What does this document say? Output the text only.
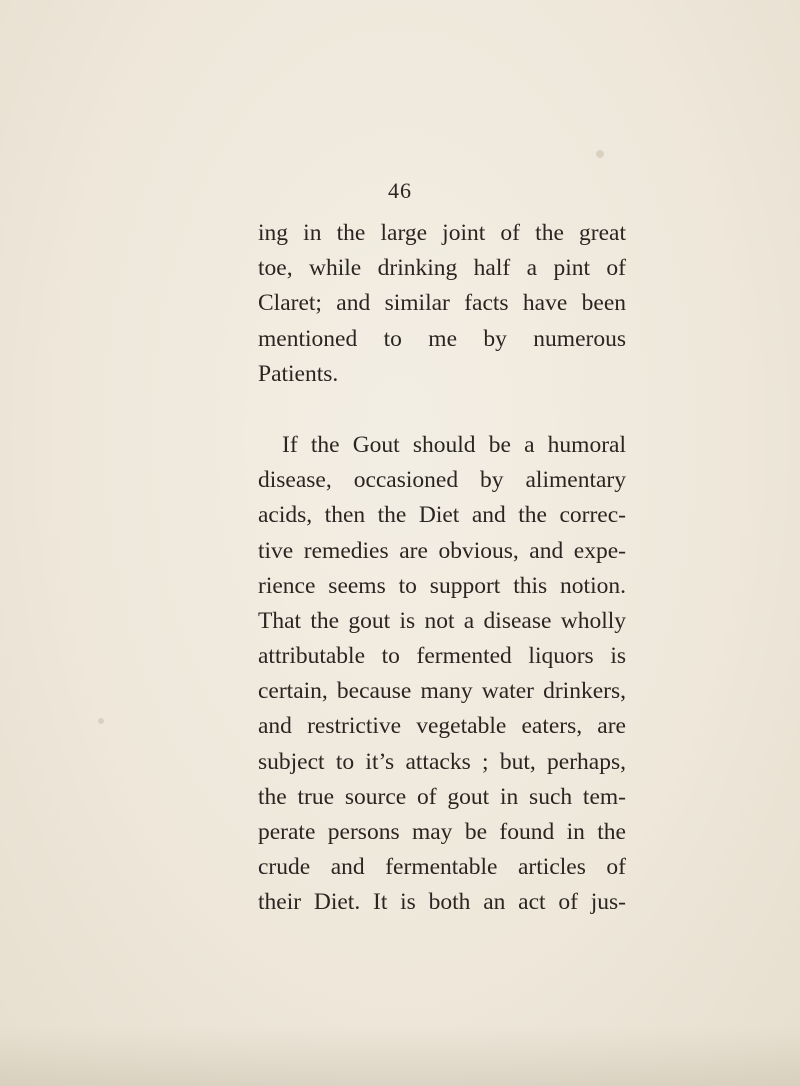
46
ing in the large joint of the great
toe, while drinking half a pint of
Claret; and similar facts have been
mentioned to me by numerous
Patients.
If the Gout should be a humoral
disease, occasioned by alimentary
acids, then the Diet and the correc-
tive remedies are obvious, and expe-
rience seems to support this notion.
That the gout is not a disease wholly
attributable to fermented liquors is
certain, because many water drinkers,
and restrictive vegetable eaters, are
subject to it’s attacks ; but, perhaps,
the true source of gout in such tem-
perate persons may be found in the
crude and fermentable articles of
their Diet. It is both an act of jus-
